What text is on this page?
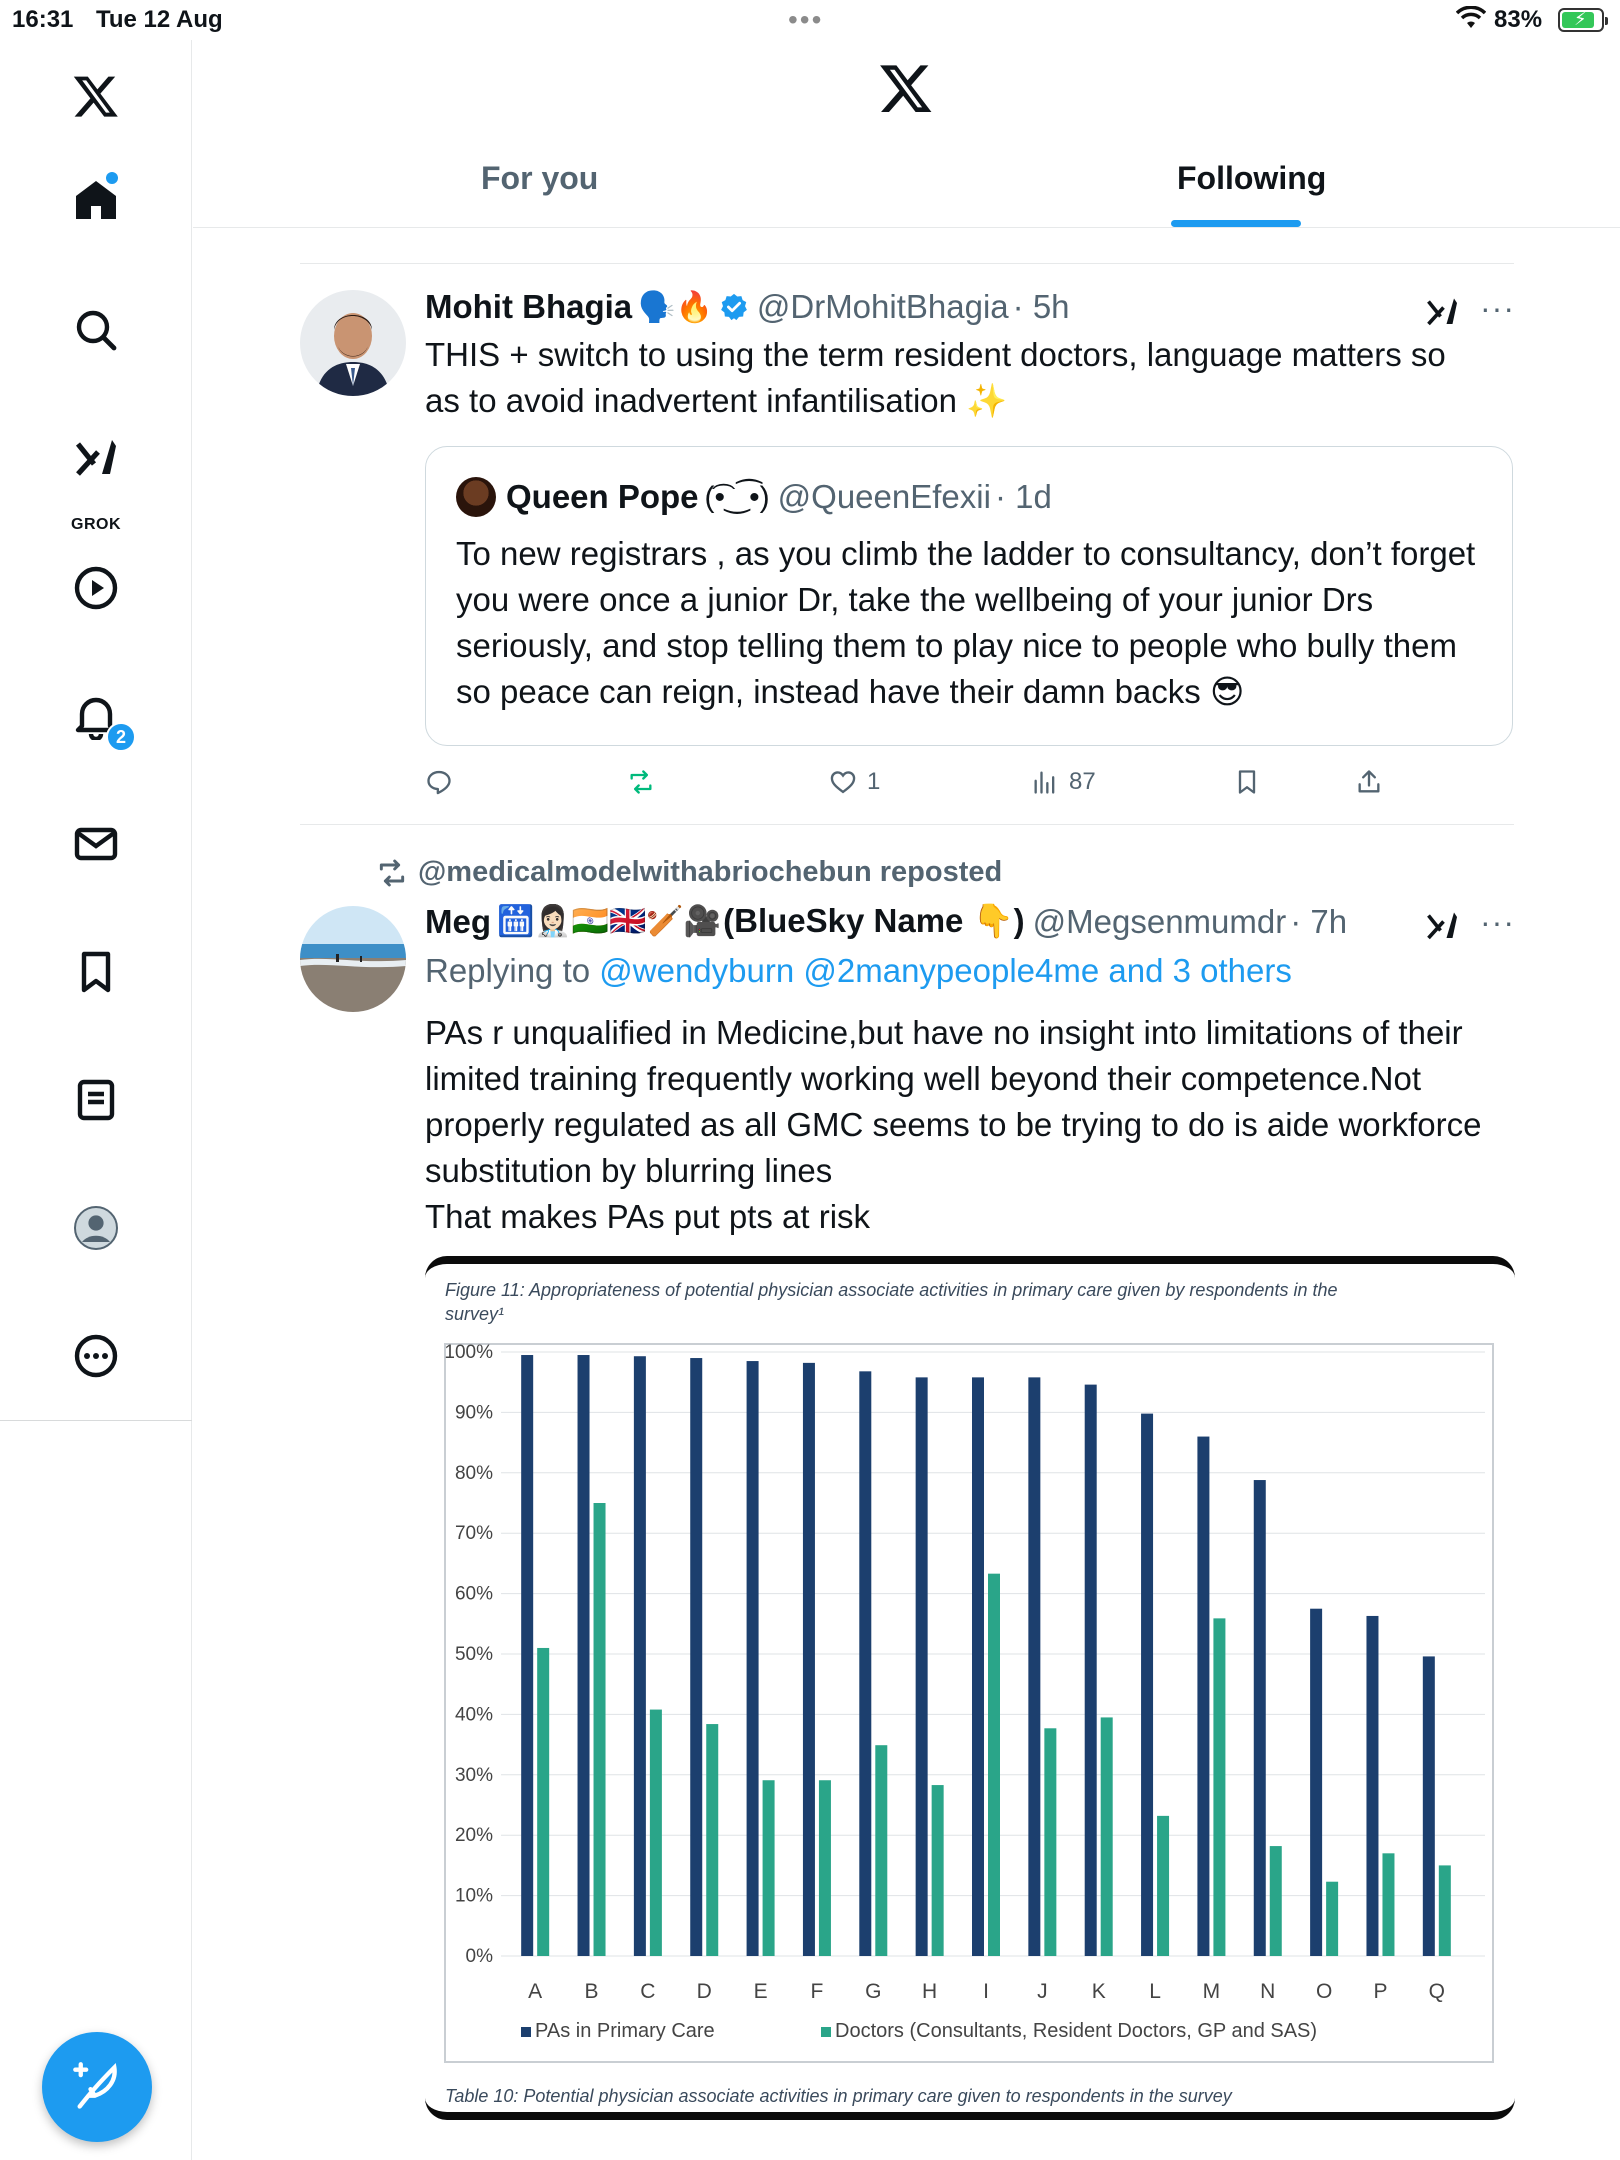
16:31 Tue 12 Aug	•••	83% ⚡
GROK
2
For you	Following
Mohit Bhagia 🗣️🔥 @DrMohitBhagia · 5h	···
THIS + switch to using the term resident doctors, language matters so
as to avoid inadvertent infantilisation ✨
Queen Pope (͡•‿͡•) @QueenEfexii · 1d
To new registrars , as you climb the ladder to consultancy, don’t forget you were once a junior Dr, take the wellbeing of your junior Drs seriously, and stop telling them to play nice to people who bully them so peace can reign, instead have their damn backs 😎
1	87
@medicalmodelwithabriochebun reposted
Meg 🛗👩🏻‍⚕️🇮🇳🇬🇧🏏🎥 (BlueSky Name 👇) @Megsenmumdr · 7h	···
Replying to @wendyburn @2manypeople4me and 3 others
PAs r unqualified in Medicine,but have no insight into limitations of their
limited training frequently working well beyond their competence.Not
properly regulated as all GMC seems to be trying to do is aide workforce
substitution by blurring lines
That makes PAs put pts at risk
Figure 11: Appropriateness of potential physician associate activities in primary care given by respondents in the
survey¹
0%
10%
20%
30%
40%
50%
60%
70%
80%
90%
100%
A B C D E F G H I J K L M N O P Q
PAs in Primary Care	Doctors (Consultants, Resident Doctors, GP and SAS)
Table 10: Potential physician associate activities in primary care given to respondents in the survey
